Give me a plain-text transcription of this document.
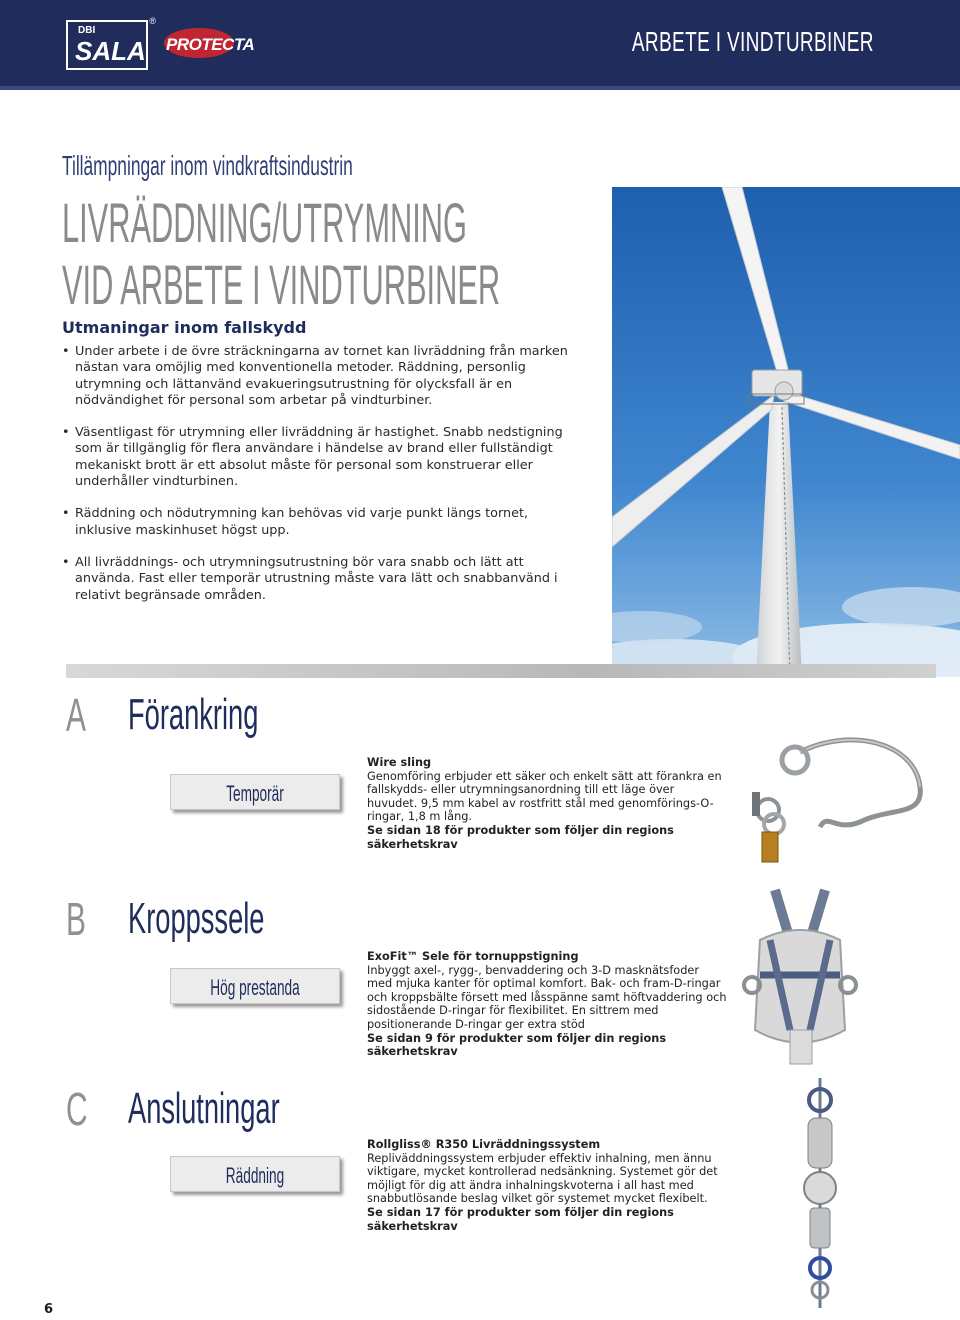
DBI
SALA
®
PROTECTA	ARBETE I VINDTURBINER
Tillämpningar inom vindkraftsindustrin
LIVRÄDDNING/UTRYMNING
VID ARBETE I VINDTURBINER
Utmaningar inom fallskydd
• Under arbete i de övre sträckningarna av tornet kan livräddning från marken nästan vara omöjlig med konventionella metoder. Räddning, personlig utrymning och lättanvänd evakueringsutrustning för olycksfall är en nödvändighet för personal som arbetar på vindturbiner.
• Väsentligast för utrymning eller livräddning är hastighet. Snabb nedstigning som är tillgänglig för flera användare i händelse av brand eller fullständigt mekaniskt brott är ett absolut måste för personal som konstruerar eller underhåller vindturbinen.
• Räddning och nödutrymning kan behövas vid varje punkt längs tornet, inklusive maskinhuset högst upp.
• All livräddnings- och utrymningsutrustning bör vara snabb och lätt att använda. Fast eller temporär utrustning måste vara lätt och snabbanvänd i relativt begränsade områden.
A Förankring
Temporär
Wire sling
Genomföring erbjuder ett säker och enkelt sätt att förankra en fallskydds- eller utrymningsanordning till ett läge över huvudet. 9,5 mm kabel av rostfritt stål med genomförings-O-ringar, 1,8 m lång.
Se sidan 18 för produkter som följer din regions säkerhetskrav
B Kroppssele
Hög prestanda
ExoFit™ Sele för tornuppstigning
Inbyggt axel-, rygg-, benvaddering och 3-D masknätsfoder med mjuka kanter för optimal komfort. Bak- och fram-D-ringar och kroppsbälte försett med låsspänne samt höftvaddering och sidostående D-ringar för flexibilitet. En sittrem med positionerande D-ringar ger extra stöd
Se sidan 9 för produkter som följer din regions säkerhetskrav
C Anslutningar
Räddning
Rollgliss® R350 Livräddningssystem
Repliväddningssystem erbjuder effektiv inhalning, men ännu viktigare, mycket kontrollerad nedsänkning. Systemet gör det möjligt för dig att ändra inhalningskvoterna i all hast med snabbutlösande beslag vilket gör systemet mycket flexibelt.
Se sidan 17 för produkter som följer din regions säkerhetskrav
6
